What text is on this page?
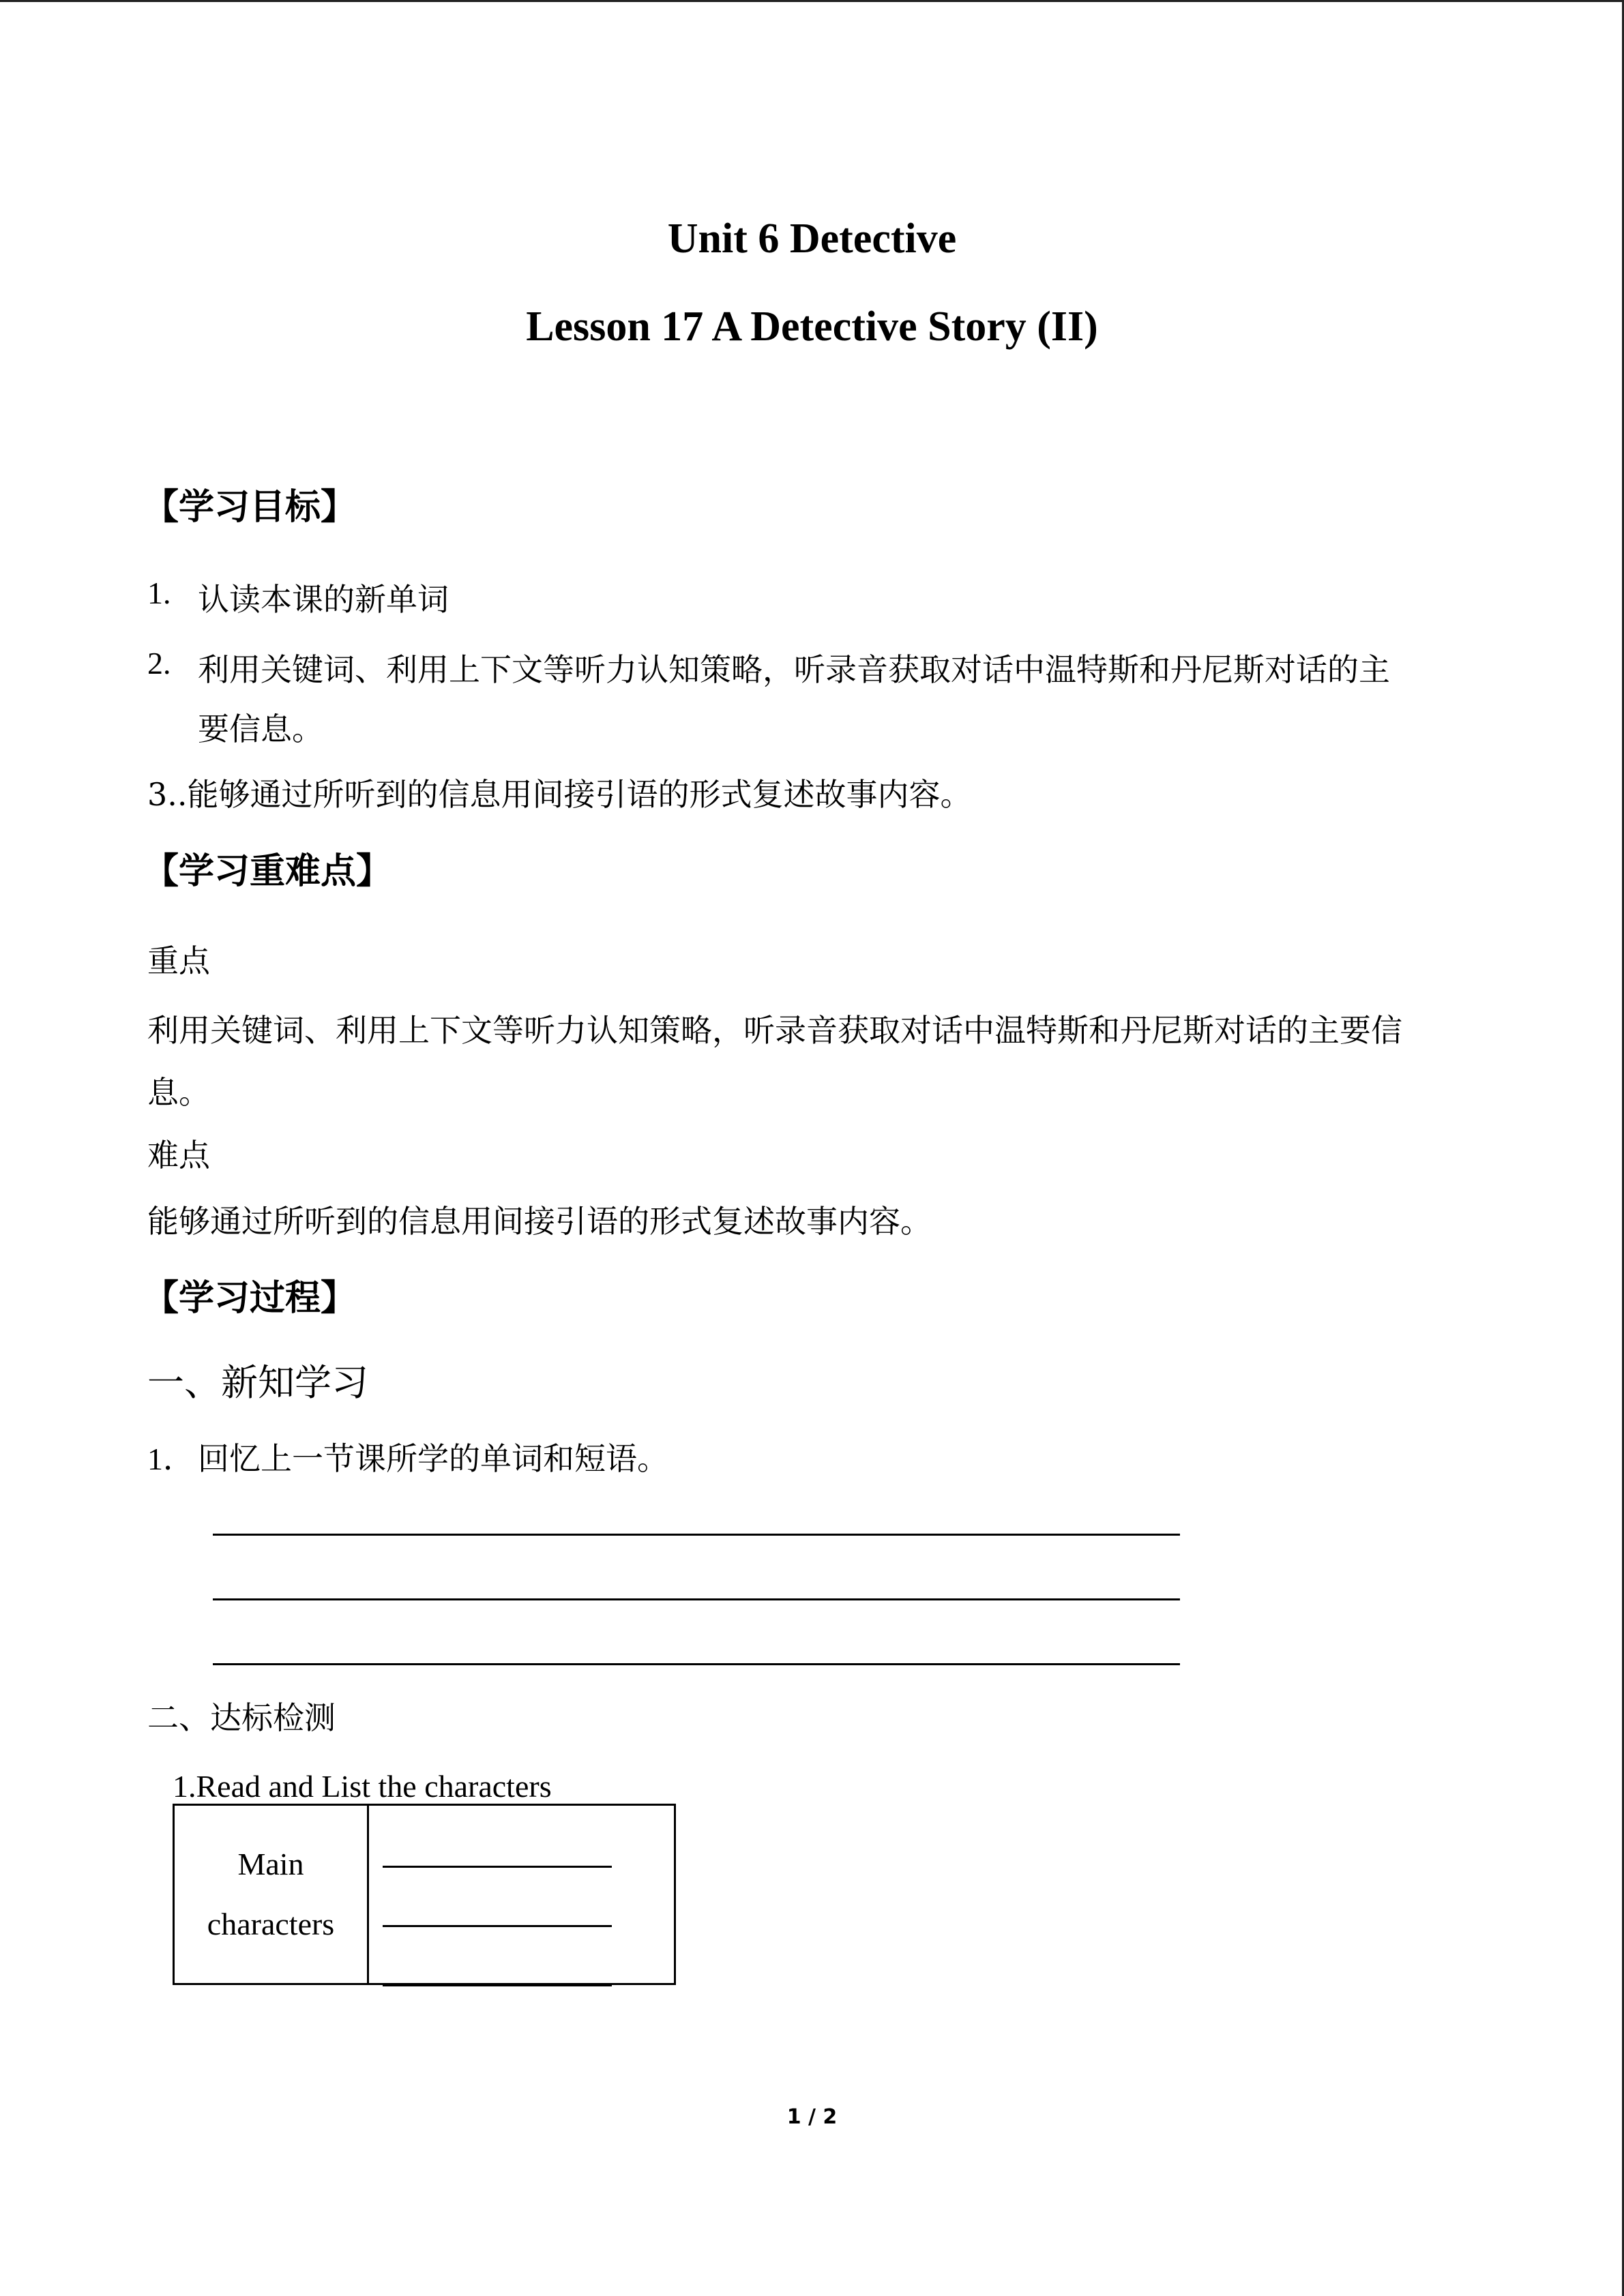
Unit 6 Detective
Lesson 17 A Detective Story (II)
【学习目标】
1. 认读本课的新单词
2. 利用关键词、利用上下文等听力认知策略，听录音获取对话中温特斯和丹尼斯对话的主
要信息。
3..能够通过所听到的信息用间接引语的形式复述故事内容。
【学习重难点】
重点
利用关键词、利用上下文等听力认知策略，听录音获取对话中温特斯和丹尼斯对话的主要信
息。
难点
能够通过所听到的信息用间接引语的形式复述故事内容。
【学习过程】
一、新知学习
1． 回忆上一节课所学的单词和短语。
二、达标检测
1.Read and List the characters
Main
characters
1 / 2
